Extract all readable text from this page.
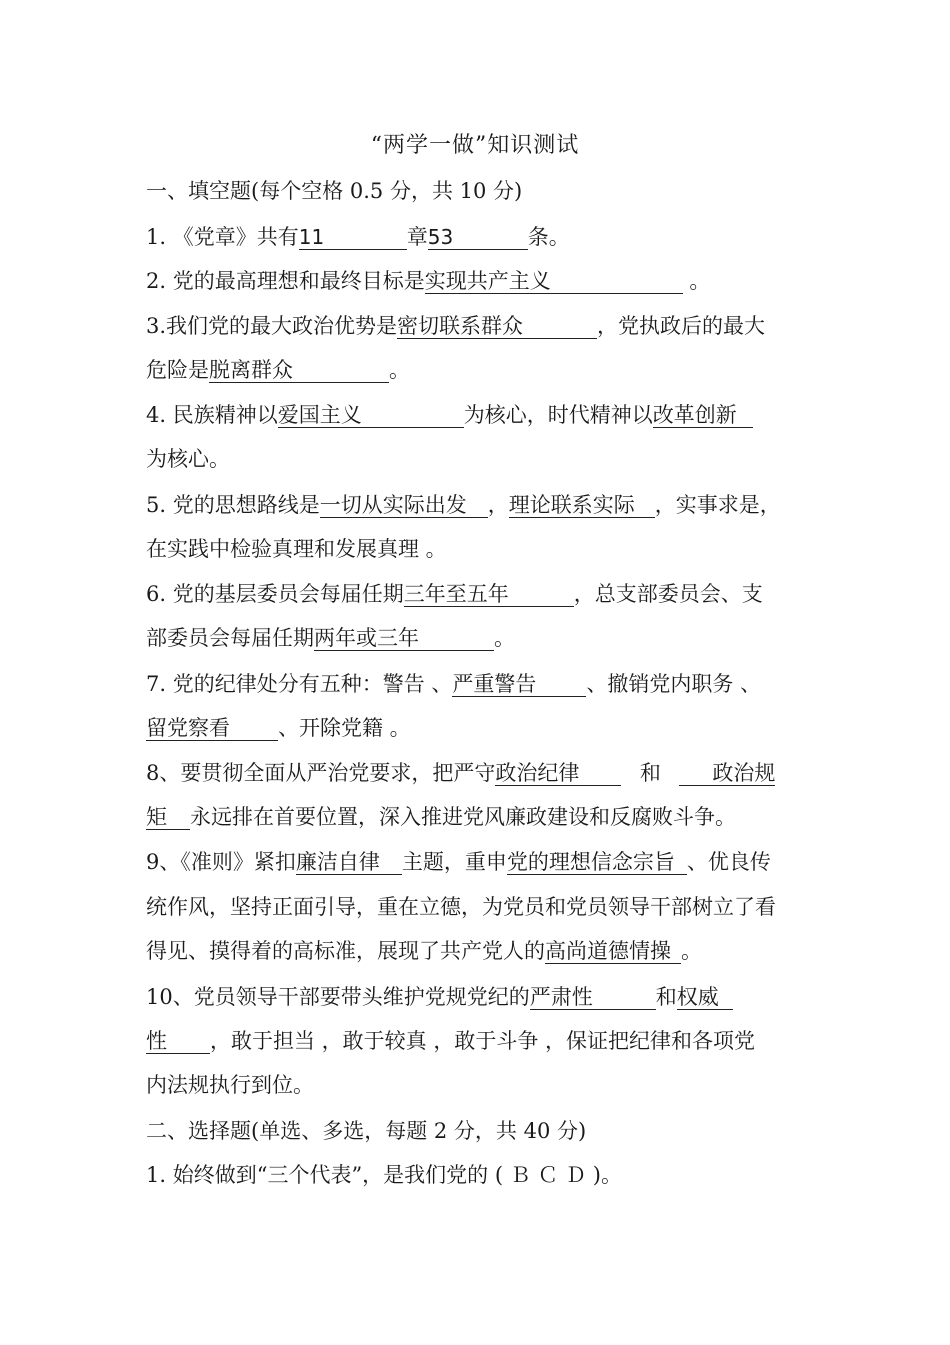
“两学一做”知识测试
一、填空题(每个空格 0.5 分，共 10 分)
1. 《党章》共有11	章53	条。
2. 党的最高理想和最终目标是实现共产主义	。
3.我们党的最大政治优势是密切联系群众	，党执政后的最大
危险是脱离群众	。
4. 民族精神以爱国主义	为核心，时代精神以改革创新
为核心。
5. 党的思想路线是一切从实际出发 ，理论联系实际 ，实事求是，
在实践中检验真理和发展真理 。
6. 党的基层委员会每届任期三年至五年	，总支部委员会、支
部委员会每届任期两年或三年	。
7. 党的纪律处分有五种：警告 、严重警告 、撤销党内职务 、
留党察看 、开除党籍 。
8、要贯彻全面从严治党要求，把严守政治纪律	和 政治规
矩 永远排在首要位置，深入推进党风廉政建设和反腐败斗争。
9、《准则》紧扣廉洁自律 主题，重申党的理想信念宗旨 、优良传
统作风，坚持正面引导，重在立德，为党员和党员领导干部树立了看
得见、摸得着的高标准，展现了共产党人的高尚道德情操 。
10、党员领导干部要带头维护党规党纪的严肃性	和权威
性 ，敢于担当 ，敢于较真 ，敢于斗争 ，保证把纪律和各项党
内法规执行到位。
二、选择题(单选、多选，每题 2 分，共 40 分)
1. 始终做到“三个代表”，是我们党的 ( Ｂ Ｃ Ｄ )。
